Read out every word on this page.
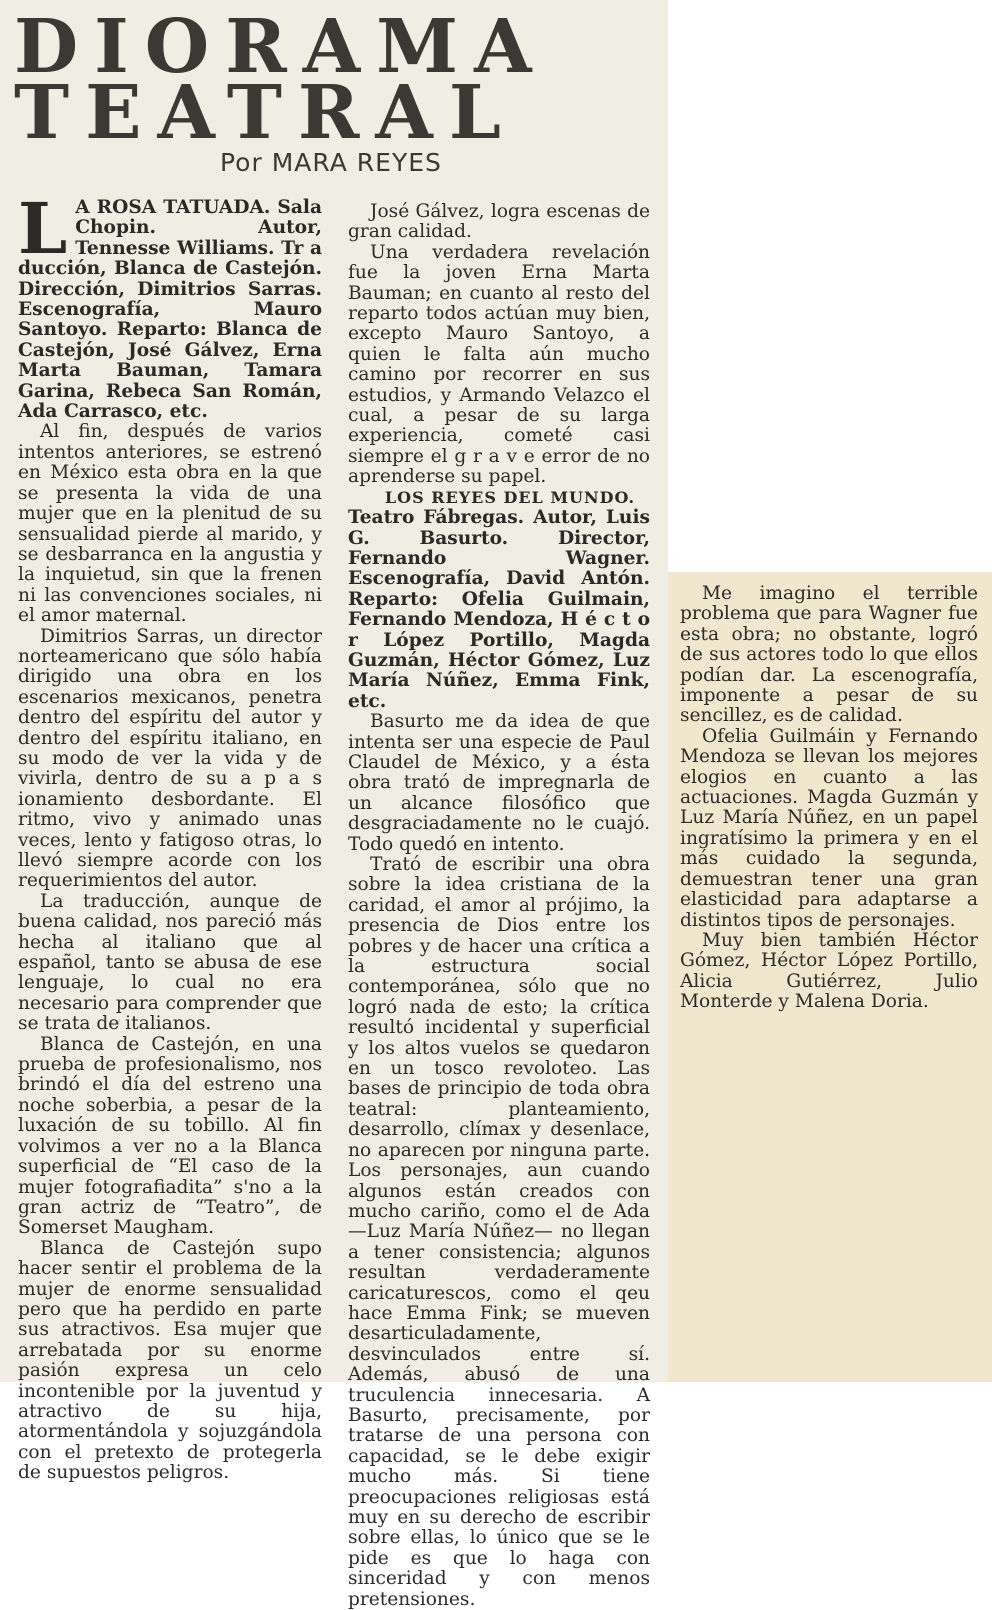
DIORAMA
TEATRAL
Por MARA REYES

L A ROSA TATUADA. Sala Chopin. Autor, Tennesse Williams. Tr a ducción, Blanca de Castejón. Dirección, Dimitrios Sarras. Escenografía, Mauro Santoyo. Reparto: Blanca de Castejón, José Gálvez, Erna Marta Bauman, Tamara Garina, Rebeca San Román, Ada Carrasco, etc.

Al fin, después de varios intentos anteriores, se estrenó en México esta obra en la que se presenta la vida de una mujer que en la plenitud de su sensualidad pierde al marido, y se desbarranca en la angustia y la inquietud, sin que la frenen ni las convenciones sociales, ni el amor maternal.

Dimitrios Sarras, un director norteamericano que sólo había dirigido una obra en los escenarios mexicanos, penetra dentro del espíritu del autor y dentro del espíritu italiano, en su modo de ver la vida y de vivirla, dentro de su a p a s ionamiento desbordante. El ritmo, vivo y animado unas veces, lento y fatigoso otras, lo llevó siempre acorde con los requerimientos del autor.

La traducción, aunque de buena calidad, nos pareció más hecha al italiano que al español, tanto se abusa de ese lenguaje, lo cual no era necesario para comprender que se trata de italianos.

Blanca de Castejón, en una prueba de profesionalismo, nos brindó el día del estreno una noche soberbia, a pesar de la luxación de su tobillo. Al fin volvimos a ver no a la Blanca superficial de “El caso de la mujer fotografiadita” s'no a la gran actriz de “Teatro”, de Somerset Maugham.

Blanca de Castejón supo hacer sentir el problema de la mujer de enorme sensualidad pero que ha perdido en parte sus atractivos. Esa mujer que arrebatada por su enorme pasión expresa un celo incontenible por la juventud y atractivo de su hija, atormentándola y sojuzgándola con el pretexto de protegerla de supuestos peligros.

José Gálvez, logra escenas de gran calidad.

Una verdadera revelación fue la joven Erna Marta Bauman; en cuanto al resto del reparto todos actúan muy bien, excepto Mauro Santoyo, a quien le falta aún mucho camino por recorrer en sus estudios, y Armando Velazco el cual, a pesar de su larga experiencia, cometé casi siempre el g r a v e error de no aprenderse su papel.

LOS REYES DEL MUNDO.

Teatro Fábregas. Autor, Luis G. Basurto. Director, Fernando Wagner. Escenografía, David Antón. Reparto: Ofelia Guilmain, Fernando Mendoza, H é c t o r López Portillo, Magda Guzmán, Héctor Gómez, Luz María Núñez, Emma Fink, etc.

Basurto me da idea de que intenta ser una especie de Paul Claudel de México, y a ésta obra trató de impregnarla de un alcance filosófico que desgraciadamente no le cuajó. Todo quedó en intento.

Trató de escribir una obra sobre la idea cristiana de la caridad, el amor al prójimo, la presencia de Dios entre los pobres y de hacer una crítica a la estructura social contemporánea, sólo que no logró nada de esto; la crítica resultó incidental y superficial y los altos vuelos se quedaron en un tosco revoloteo. Las bases de principio de toda obra teatral: planteamiento, desarrollo, clímax y desenlace, no aparecen por ninguna parte. Los personajes, aun cuando algunos están creados con mucho cariño, como el de Ada —Luz María Núñez— no llegan a tener consistencia; algunos resultan verdaderamente caricaturescos, como el qeu hace Emma Fink; se mueven desarticuladamente, desvinculados entre sí. Además, abusó de una truculencia innecesaria. A Basurto, precisamente, por tratarse de una persona con capacidad, se le debe exigir mucho más. Si tiene preocupaciones religiosas está muy en su derecho de escribir sobre ellas, lo único que se le pide es que lo haga con sinceridad y con menos pretensiones.

Me imagino el terrible problema que para Wagner fue esta obra; no obstante, logró de sus actores todo lo que ellos podían dar. La escenografía, imponente a pesar de su sencillez, es de calidad.

Ofelia Guilmáin y Fernando Mendoza se llevan los mejores elogios en cuanto a las actuaciones. Magda Guzmán y Luz María Núñez, en un papel ingratísimo la primera y en el más cuidado la segunda, demuestran tener una gran elasticidad para adaptarse a distintos tipos de personajes.

Muy bien también Héctor Gómez, Héctor López Portillo, Alicia Gutiérrez, Julio Monterde y Malena Doria.
